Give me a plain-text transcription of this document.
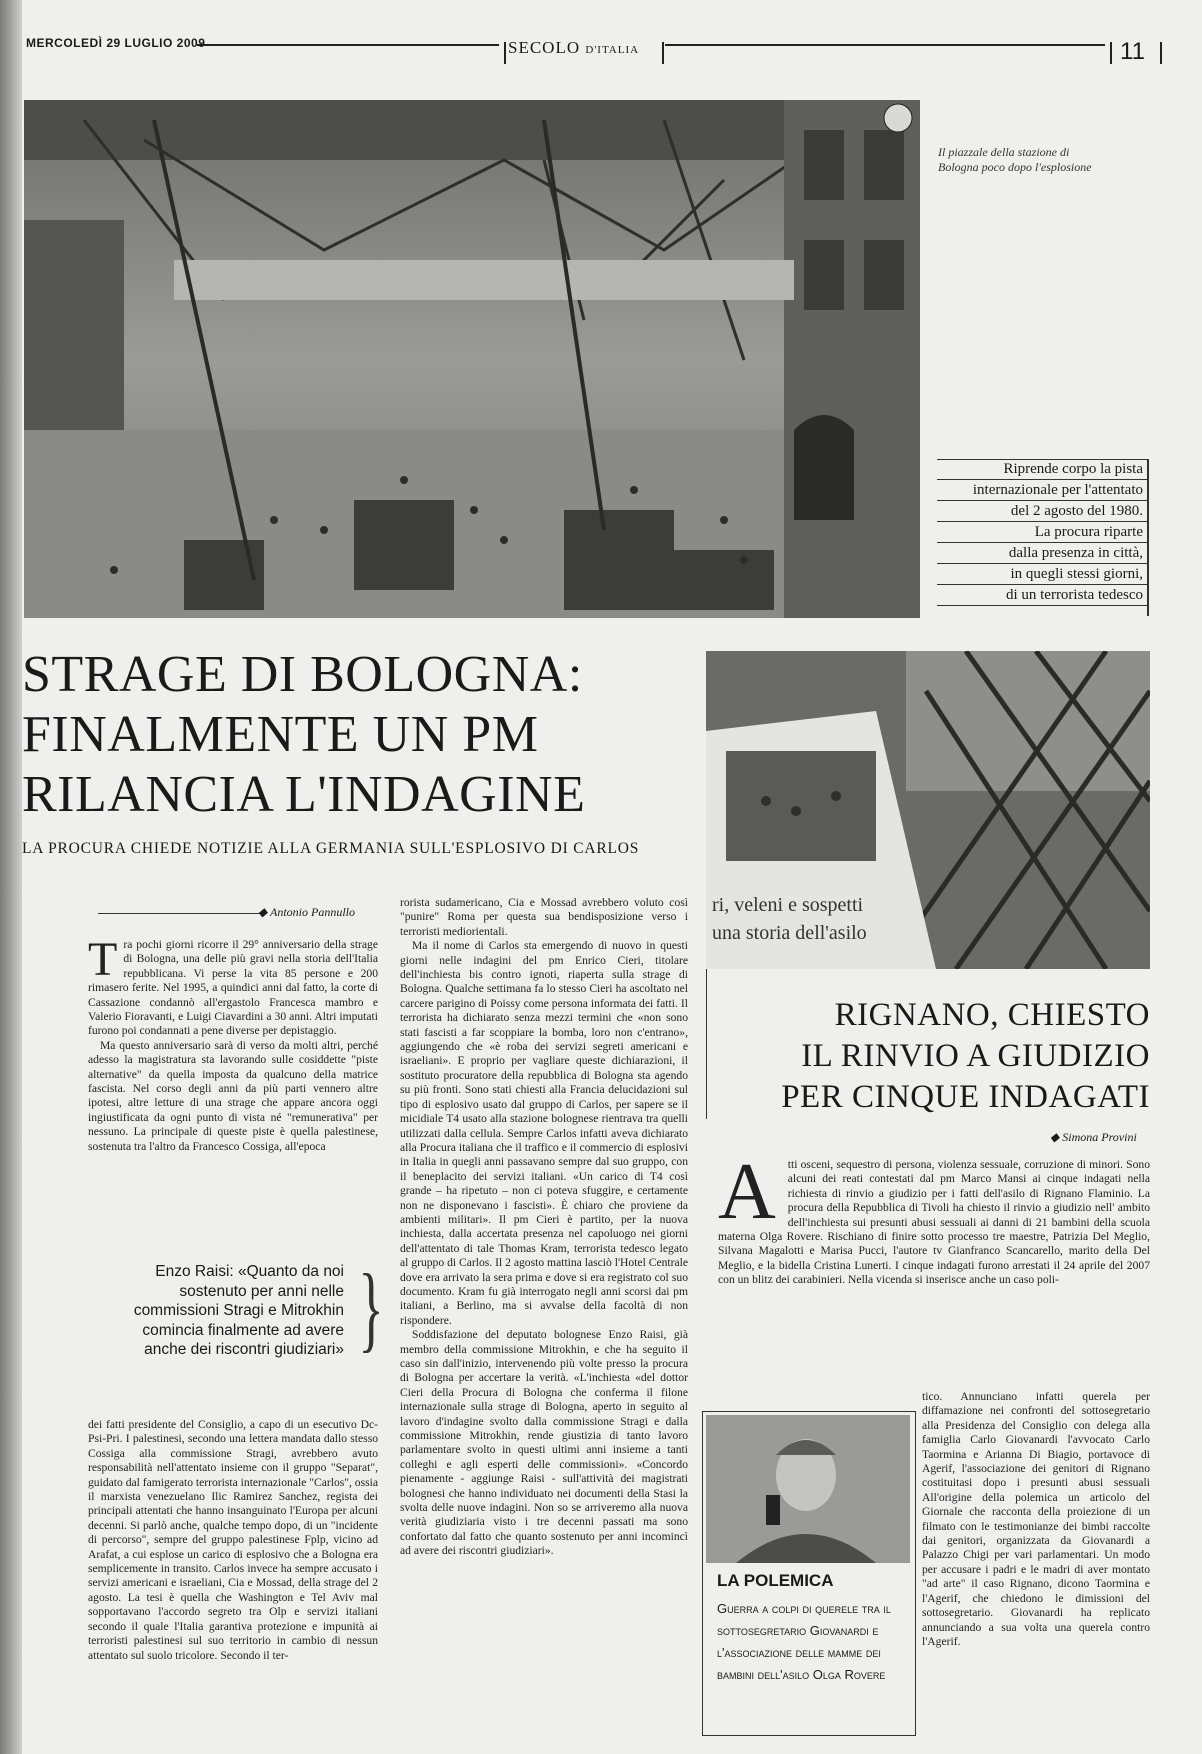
MERCOLEDÌ 29 LUGLIO 2009	SECOLO D'ITALIA	11
Il piazzale della stazione di Bologna poco dopo l'esplosione
Riprende corpo la pista
internazionale per l'attentato
del 2 agosto del 1980.
La procura riparte
dalla presenza in città,
in quegli stessi giorni,
di un terrorista tedesco
STRAGE DI BOLOGNA:
FINALMENTE UN PM
RILANCIA L'INDAGINE
LA PROCURA CHIEDE NOTIZIE ALLA GERMANIA SULL'ESPLOSIVO DI CARLOS
◆ Antonio Pannullo

Tra pochi giorni ricorre il 29° anniversario della strage di Bologna, una delle più gravi nella storia dell'Italia repubblicana. Vi perse la vita 85 persone e 200 rimasero ferite. Nel 1995, a quindici anni dal fatto, la corte di Cassazione condannò all'ergastolo Francesca mambro e Valerio Fioravanti, e Luigi Ciavardini a 30 anni. Altri imputati furono poi condannati a pene diverse per depistaggio.

Ma questo anniversario sarà di verso da molti altri, perché adesso la magistratura sta lavorando sulle cosiddette "piste alternative" da quella imposta da qualcuno della matrice fascista. Nel corso degli anni da più parti vennero altre ipotesi, altre letture di una strage che appare ancora oggi ingiustificata da ogni punto di vista né "remunerativa" per nessuno. La principale di queste piste è quella palestinese, sostenuta tra l'altro da Francesco Cossiga, all'epoca

Enzo Raisi: «Quanto da noi sostenuto per anni nelle commissioni Stragi e Mitrokhin comincia finalmente ad avere anche dei riscontri giudiziari» }

dei fatti presidente del Consiglio, a capo di un esecutivo Dc-Psi-Pri. I palestinesi, secondo una lettera mandata dallo stesso Cossiga alla commissione Stragi, avrebbero avuto responsabilità nell'attentato insieme con il gruppo "Separat", guidato dal famigerato terrorista internazionale "Carlos", ossia il marxista venezuelano Ilic Ramirez Sanchez, regista dei principali attentati che hanno insanguinato l'Europa per alcuni decenni. Si parlò anche, qualche tempo dopo, di un "incidente di percorso", sempre del gruppo palestinese Fplp, vicino ad Arafat, a cui esplose un carico di esplosivo che a Bologna era semplicemente in transito. Carlos invece ha sempre accusato i servizi americani e israeliani, Cia e Mossad, della strage del 2 agosto. La tesi è quella che Washington e Tel Aviv mal sopportavano l'accordo segreto tra Olp e servizi italiani secondo il quale l'Italia garantiva protezione e impunità ai terroristi palestinesi sul suo territorio in cambio di nessun attentato sul suolo tricolore. Secondo il ter-

rorista sudamericano, Cia e Mossad avrebbero voluto così "punire" Roma per questa sua bendisposizione verso i terroristi mediorientali.

Ma il nome di Carlos sta emergendo di nuovo in questi giorni nelle indagini del pm Enrico Cieri, titolare dell'inchiesta bis contro ignoti, riaperta sulla strage di Bologna. Qualche settimana fa lo stesso Cieri ha ascoltato nel carcere parigino di Poissy come persona informata dei fatti. Il terrorista ha dichiarato senza mezzi termini che «non sono stati fascisti a far scoppiare la bomba, loro non c'entrano», aggiungendo che «è roba dei servizi segreti americani e israeliani». E proprio per vagliare queste dichiarazioni, il sostituto procuratore della repubblica di Bologna sta agendo su più fronti. Sono stati chiesti alla Francia delucidazioni sul tipo di esplosivo usato dal gruppo di Carlos, per sapere se il micidiale T4 usato alla stazione bolognese rientrava tra quelli utilizzati dalla cellula. Sempre Carlos infatti aveva dichiarato alla Procura italiana che il traffico e il commercio di esplosivi in Italia in quegli anni passavano sempre dal suo gruppo, con il beneplacito dei servizi italiani. «Un carico di T4 così grande – ha ripetuto – non ci poteva sfuggire, e certamente non ne disponevano i fascisti». È chiaro che proviene da ambienti militari». Il pm Cieri è partito, per la nuova inchiesta, dalla accertata presenza nel capoluogo nei giorni dell'attentato di tale Thomas Kram, terrorista tedesco legato al gruppo di Carlos. Il 2 agosto mattina lasciò l'Hotel Centrale dove era arrivato la sera prima e dove si era registrato col suo documento. Kram fu già interrogato negli anni scorsi dai pm italiani, a Berlino, ma si avvalse della facoltà di non rispondere.

Soddisfazione del deputato bolognese Enzo Raisi, già membro della commissione Mitrokhin, e che ha seguito il caso sin dall'inizio, intervenendo più volte presso la procura di Bologna per accertare la verità. «L'inchiesta «del dottor Cieri della Procura di Bologna che conferma il filone internazionale sulla strage di Bologna, aperto in seguito al lavoro d'indagine svolto dalla commissione Stragi e dalla commissione Mitrokhin, rende giustizia di tanto lavoro parlamentare svolto in questi ultimi anni insieme a tanti colleghi e agli esperti delle commissioni». «Concordo pienamente - aggiunge Raisi - sull'attività dei magistrati bolognesi che hanno individuato nei documenti della Stasi la svolta delle nuove indagini. Non so se arriveremo alla nuova verità giudiziaria visto i tre decenni passati ma sono confortato dal fatto che quanto sostenuto per anni incomincì ad avere dei riscontri giudiziari».

ri, veleni e sospetti
una storia dell'asilo
RIGNANO, CHIESTO
IL RINVIO A GIUDIZIO
PER CINQUE INDAGATI
◆ Simona Provini

A tti osceni, sequestro di persona, violenza sessuale, corruzione di minori. Sono alcuni dei reati contestati dal pm Marco Mansi ai cinque indagati nella richiesta di rinvio a giudizio per i fatti dell'asilo di Rignano Flaminio. La procura della Repubblica di Tivoli ha chiesto il rinvio a giudizio nell' ambito dell'inchiesta sui presunti abusi sessuali ai danni di 21 bambini della scuola materna Olga Rovere. Rischiano di finire sotto processo tre maestre, Patrizia Del Meglio, Silvana Magalotti e Marisa Pucci, l'autore tv Gianfranco Scancarello, marito della Del Meglio, e la bidella Cristina Lunerti. I cinque indagati furono arrestati il 24 aprile del 2007 con un blitz dei carabinieri. Nella vicenda si inserisce anche un caso poli-

tico. Annunciano infatti querela per diffamazione nei confronti del sottosegretario alla Presidenza del Consiglio con delega alla famiglia Carlo Giovanardi l'avvocato Carlo Taormina e Arianna Di Biagio, portavoce di Agerif, l'associazione dei genitori di Rignano costituitasi dopo i presunti abusi sessuali All'origine della polemica un articolo del Giornale che racconta della proiezione di un filmato con le testimonianze dei bimbi raccolte dai genitori, organizzata da Giovanardi a Palazzo Chigi per vari parlamentari. Un modo per accusare i padri e le madri di aver montato "ad arte" il caso Rignano, dicono Taormina e l'Agerif, che chiedono le dimissioni del sottosegretario. Giovanardi ha replicato annunciando a sua volta una querela contro l'Agerif.

LA POLEMICA
Guerra a colpi di querele tra il sottosegretario Giovanardi e l'associazione delle mamme dei bambini dell'asilo Olga Rovere
